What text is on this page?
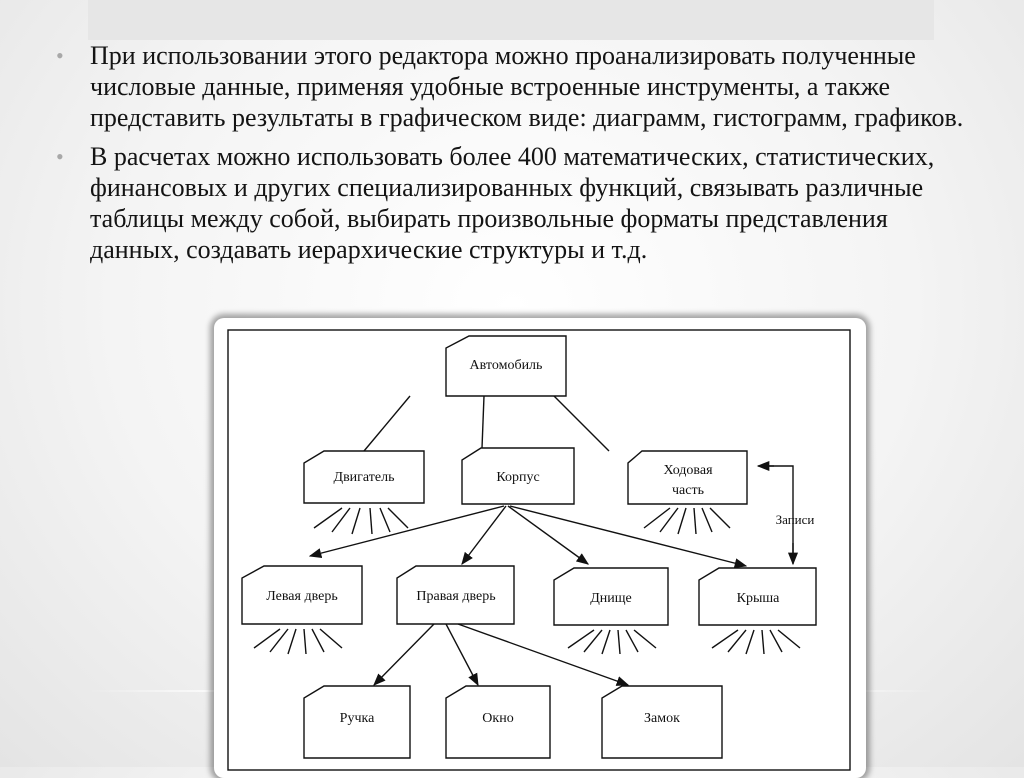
• При использовании этого редактора можно проанализировать полученные числовые данные, применяя удобные встроенные инструменты, а также представить результаты в графическом виде: диаграмм, гистограмм, графиков.
• В расчетах можно использовать более 400 математических, статистических, финансовых и других специализированных функций, связывать различные таблицы между собой, выбирать произвольные форматы представления данных, создавать иерархические структуры и т.д.
Автомобиль
Двигатель	Корпус	Ходовая
часть
Левая дверь	Правая дверь	Днище	Крыша
Ручка	Окно	Замок
Записи
